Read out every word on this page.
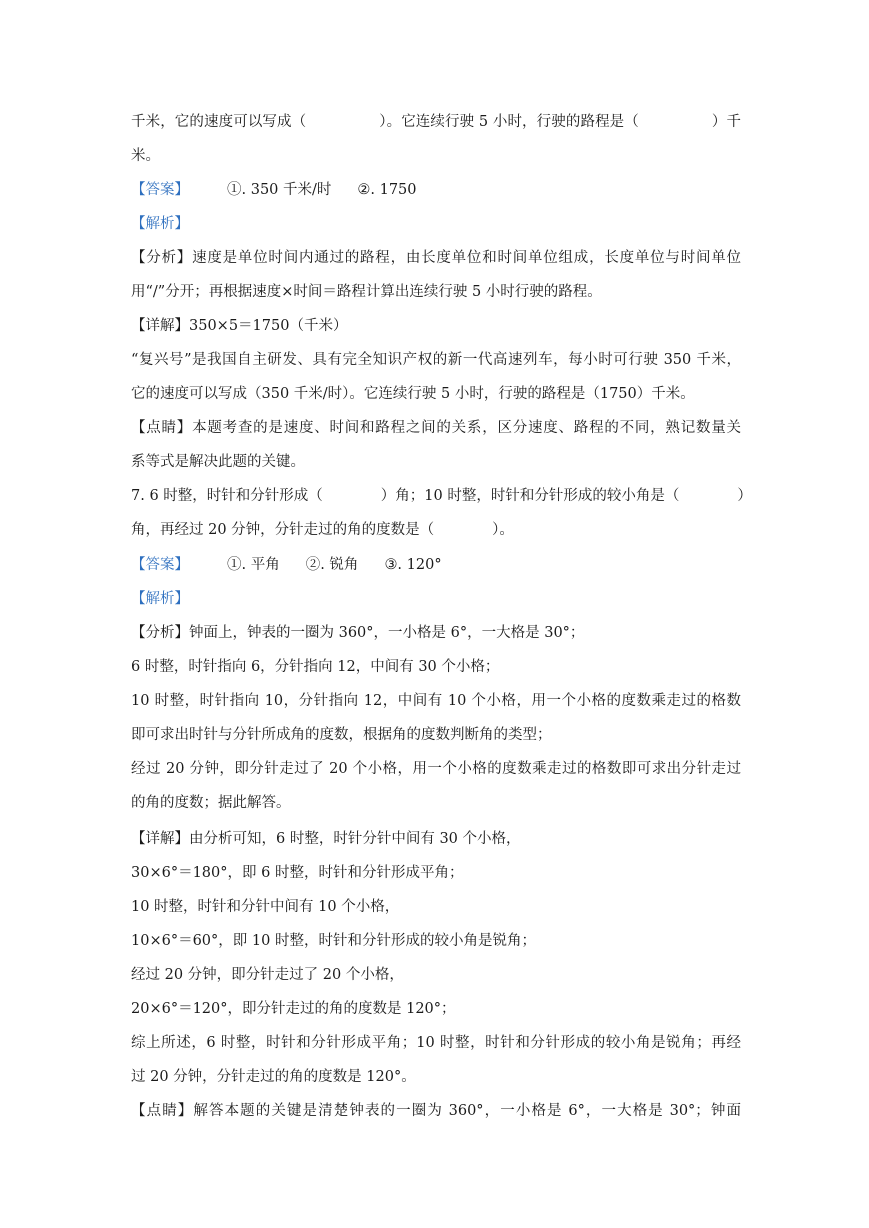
千米，它的速度可以写成（　　　　　）。它连续行驶 5 小时，行驶的路程是（　　　　　）千
米。
【答案】	①. 350 千米/时 ②. 1750
【解析】
【分析】速度是单位时间内通过的路程，由长度单位和时间单位组成，长度单位与时间单位
用“/”分开；再根据速度×时间＝路程计算出连续行驶 5 小时行驶的路程。
【详解】350×5＝1750（千米）
“复兴号”是我国自主研发、具有完全知识产权的新一代高速列车，每小时可行驶 350 千米，
它的速度可以写成（350 千米/时）。它连续行驶 5 小时，行驶的路程是（1750）千米。
【点睛】本题考查的是速度、时间和路程之间的关系，区分速度、路程的不同，熟记数量关
系等式是解决此题的关键。
7. 6 时整，时针和分针形成（　　　　）角；10 时整，时针和分针形成的较小角是（　　　　）
角，再经过 20 分钟，分针走过的角的度数是（　　　　）。
【答案】	①. 平角 ②. 锐角 ③. 120°
【解析】
【分析】钟面上，钟表的一圈为 360°，一小格是 6°，一大格是 30°；
6 时整，时针指向 6，分针指向 12，中间有 30 个小格；
10 时整，时针指向 10，分针指向 12，中间有 10 个小格，用一个小格的度数乘走过的格数
即可求出时针与分针所成角的度数，根据角的度数判断角的类型；
经过 20 分钟，即分针走过了 20 个小格，用一个小格的度数乘走过的格数即可求出分针走过
的角的度数；据此解答。
【详解】由分析可知，6 时整，时针分针中间有 30 个小格，
30×6°＝180°，即 6 时整，时针和分针形成平角；
10 时整，时针和分针中间有 10 个小格，
10×6°＝60°，即 10 时整，时针和分针形成的较小角是锐角；
经过 20 分钟，即分针走过了 20 个小格，
20×6°＝120°，即分针走过的角的度数是 120°；
综上所述，6 时整，时针和分针形成平角；10 时整，时针和分针形成的较小角是锐角；再经
过 20 分钟，分针走过的角的度数是 120°。
【点睛】解答本题的关键是清楚钟表的一圈为 360°，一小格是 6°，一大格是 30°；钟面
